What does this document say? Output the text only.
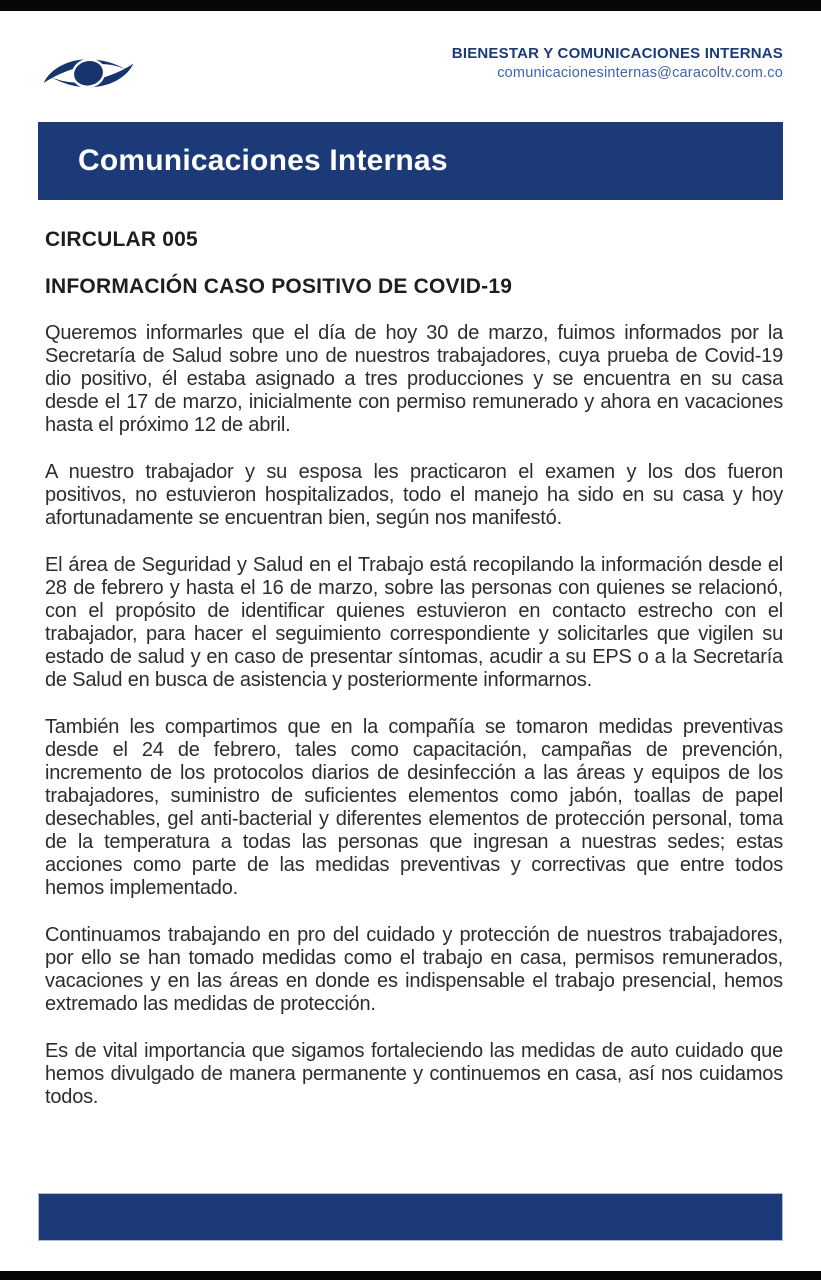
BIENESTAR Y COMUNICACIONES INTERNAS
comunicacionesinternas@caracoltv.com.co
Comunicaciones Internas

CIRCULAR 005

INFORMACIÓN CASO POSITIVO DE COVID-19

Queremos informarles que el día de hoy 30 de marzo, fuimos informados por la Secretaría de Salud sobre uno de nuestros trabajadores, cuya prueba de Covid-19 dio positivo, él estaba asignado a tres producciones y se encuentra en su casa desde el 17 de marzo, inicialmente con permiso remunerado y ahora en vacaciones hasta el próximo 12 de abril.

A nuestro trabajador y su esposa les practicaron el examen y los dos fueron positivos, no estuvieron hospitalizados, todo el manejo ha sido en su casa y hoy afortunadamente se encuentran bien, según nos manifestó.

El área de Seguridad y Salud en el Trabajo está recopilando la información desde el 28 de febrero y hasta el 16 de marzo, sobre las personas con quienes se relacionó, con el propósito de identificar quienes estuvieron en contacto estrecho con el trabajador, para hacer el seguimiento correspondiente y solicitarles que vigilen su estado de salud y en caso de presentar síntomas, acudir a su EPS o a la Secretaría de Salud en busca de asistencia y posteriormente informarnos.

También les compartimos que en la compañía se tomaron medidas preventivas desde el 24 de febrero, tales como capacitación, campañas de prevención, incremento de los protocolos diarios de desinfección a las áreas y equipos de los trabajadores, suministro de suficientes elementos como jabón, toallas de papel desechables, gel anti-bacterial y diferentes elementos de protección personal, toma de la temperatura a todas las personas que ingresan a nuestras sedes; estas acciones como parte de las medidas preventivas y correctivas que entre todos hemos implementado.

Continuamos trabajando en pro del cuidado y protección de nuestros trabajadores, por ello se han tomado medidas como el trabajo en casa, permisos remunerados, vacaciones y en las áreas en donde es indispensable el trabajo presencial, hemos extremado las medidas de protección.

Es de vital importancia que sigamos fortaleciendo las medidas de auto cuidado que hemos divulgado de manera permanente y continuemos en casa, así nos cuidamos todos.
